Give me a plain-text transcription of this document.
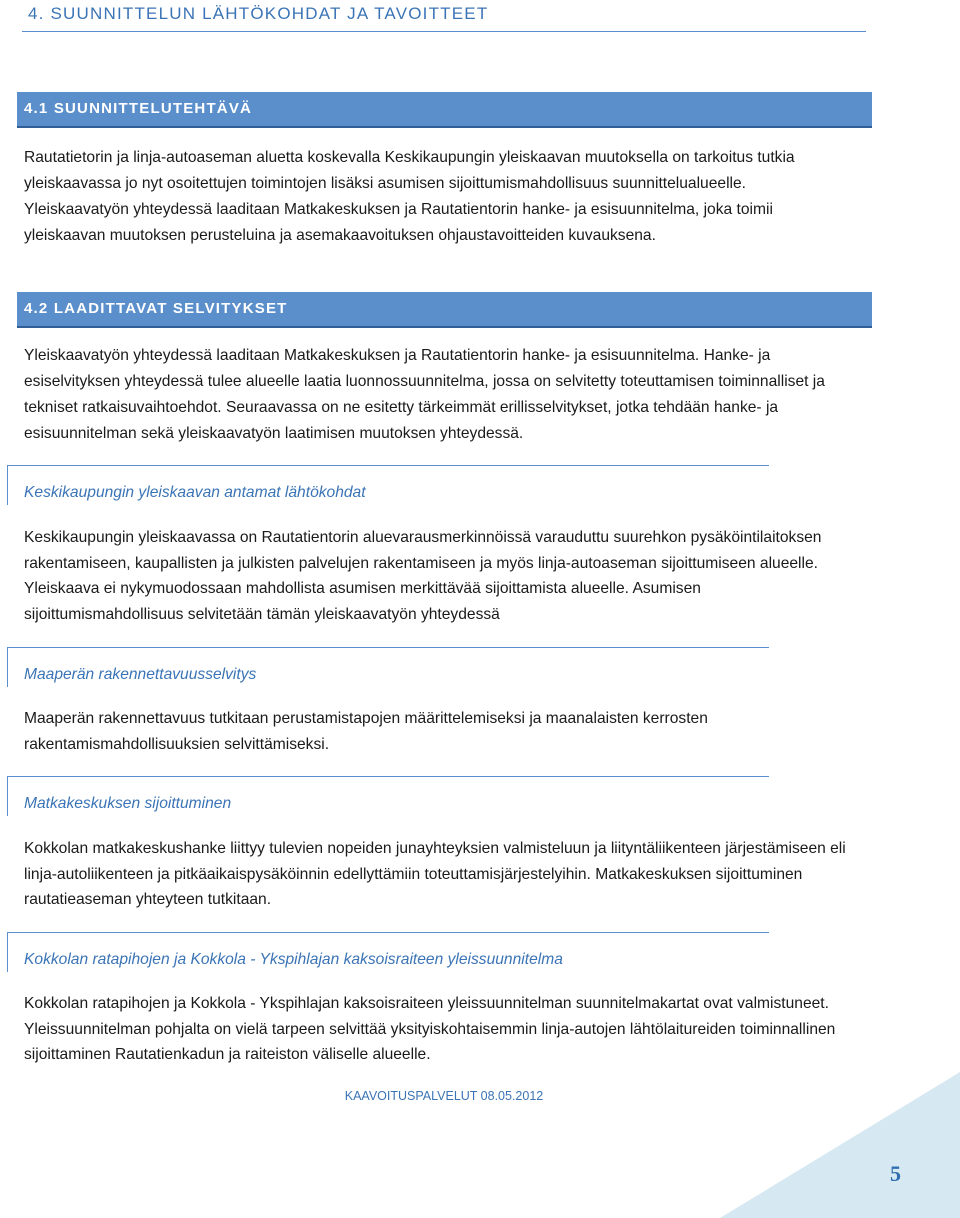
4. SUUNNITTELUN LÄHTÖKOHDAT JA TAVOITTEET
4.1 SUUNNITTELUTEHTÄVÄ

Rautatietorin ja linja-autoaseman aluetta koskevalla Keskikaupungin yleiskaavan muutoksella on tarkoitus tutkia yleiskaavassa jo nyt osoitettujen toimintojen lisäksi asumisen sijoittumismahdollisuus suunnittelualueelle. Yleiskaavatyön yhteydessä laaditaan Matkakeskuksen ja Rautatientorin hanke- ja esisuunnitelma, joka toimii yleiskaavan muutoksen perusteluina ja asemakaavoituksen ohjaustavoitteiden kuvauksena.

4.2 LAADITTAVAT SELVITYKSET

Yleiskaavatyön yhteydessä laaditaan Matkakeskuksen ja Rautatientorin hanke- ja esisuunnitelma. Hanke- ja esiselvityksen yhteydessä tulee alueelle laatia luonnossuunnitelma, jossa on selvitetty toteuttamisen toiminnalliset ja tekniset ratkaisuvaihtoehdot. Seuraavassa on ne esitetty tärkeimmät erillisselvitykset, jotka tehdään hanke- ja esisuunnitelman sekä yleiskaavatyön laatimisen muutoksen yhteydessä.

Keskikaupungin yleiskaavan antamat lähtökohdat

Keskikaupungin yleiskaavassa on Rautatientorin aluevarausmerkinnöissä varauduttu suurehkon pysäköintilaitoksen rakentamiseen, kaupallisten ja julkisten palvelujen rakentamiseen ja myös linja-autoaseman sijoittumiseen alueelle. Yleiskaava ei nykymuodossaan mahdollista asumisen merkittävää sijoittamista alueelle. Asumisen sijoittumismahdollisuus selvitetään tämän yleiskaavatyön yhteydessä

Maaperän rakennettavuusselvitys

Maaperän rakennettavuus tutkitaan perustamistapojen määrittelemiseksi ja maanalaisten kerrosten rakentamismahdollisuuksien selvittämiseksi.

Matkakeskuksen sijoittuminen

Kokkolan matkakeskushanke liittyy tulevien nopeiden junayhteyksien valmisteluun ja liityntäliikenteen järjestämiseen eli linja-autoliikenteen ja pitkäaikaispysäköinnin edellyttämiin toteuttamisjärjestelyihin. Matkakeskuksen sijoittuminen rautatieaseman yhteyteen tutkitaan.

Kokkolan ratapihojen ja Kokkola - Ykspihlajan kaksoisraiteen yleissuunnitelma

Kokkolan ratapihojen ja Kokkola - Ykspihlajan kaksoisraiteen yleissuunnitelman suunnitelmakartat ovat valmistuneet. Yleissuunnitelman pohjalta on vielä tarpeen selvittää yksityiskohtaisemmin linja-autojen lähtölaitureiden toiminnallinen sijoittaminen Rautatienkadun ja raiteiston väliselle alueelle.

KAAVOITUSPALVELUT 08.05.2012
5
